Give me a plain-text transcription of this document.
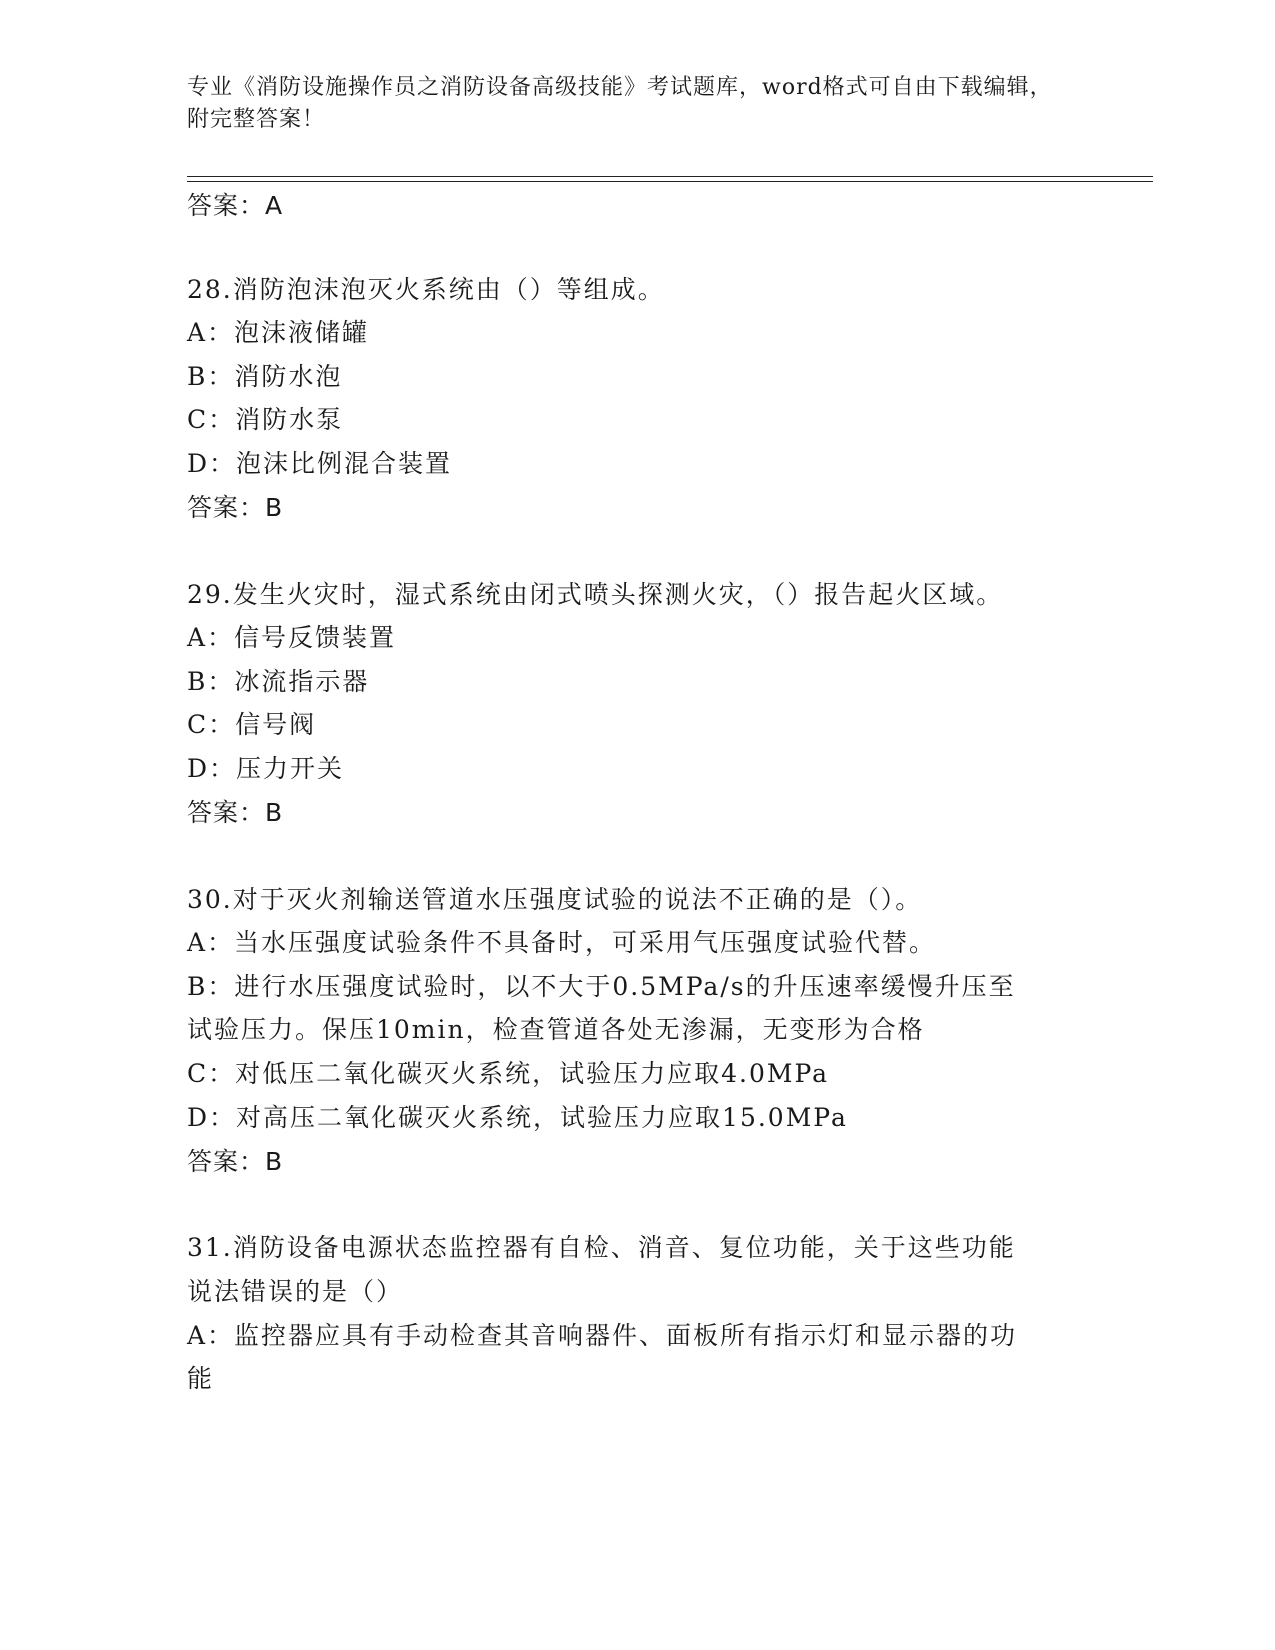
专业《消防设施操作员之消防设备高级技能》考试题库，word格式可自由下载编辑，附完整答案！
答案：A
28.消防泡沫泡灭火系统由（）等组成。
A：泡沫液储罐
B：消防水泡
C：消防水泵
D：泡沫比例混合装置
答案：B
29.发生火灾时，湿式系统由闭式喷头探测火灾，（）报告起火区域。
A：信号反馈装置
B：冰流指示器
C：信号阀
D：压力开关
答案：B
30.对于灭火剂输送管道水压强度试验的说法不正确的是（）。
A：当水压强度试验条件不具备时，可采用气压强度试验代替。
B：进行水压强度试验时，以不大于0.5MPa/s的升压速率缓慢升压至
试验压力。保压10min，检查管道各处无渗漏，无变形为合格
C：对低压二氧化碳灭火系统，试验压力应取4.0MPa
D：对高压二氧化碳灭火系统，试验压力应取15.0MPa
答案：B
31.消防设备电源状态监控器有自检、消音、复位功能，关于这些功能
说法错误的是（）
A：监控器应具有手动检查其音响器件、面板所有指示灯和显示器的功
能
